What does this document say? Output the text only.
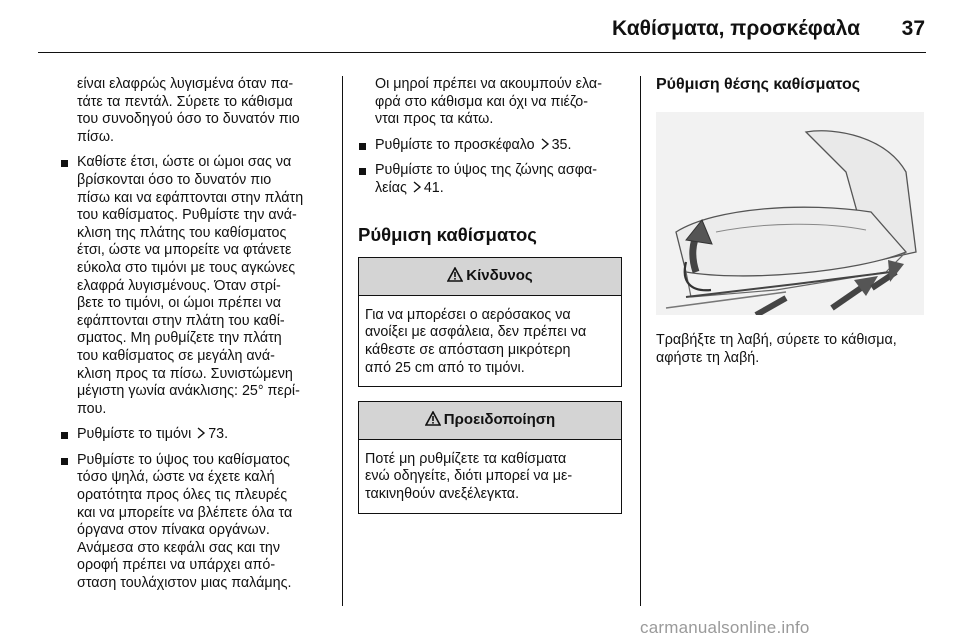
Καθίσματα, προσκέφαλα	37

είναι ελαφρώς λυγισμένα όταν πα-

τάτε τα πεντάλ. Σύρετε το κάθισμα

του συνοδηγού όσο το δυνατόν πιο

πίσω.

Καθίστε έτσι, ώστε οι ώμοι σας να

βρίσκονται όσο το δυνατόν πιο

πίσω και να εφάπτονται στην πλάτη

του καθίσματος. Ρυθμίστε την ανά-

κλιση της πλάτης του καθίσματος

έτσι, ώστε να μπορείτε να φτάνετε

εύκολα στο τιμόνι με τους αγκώνες

ελαφρά λυγισμένους. Όταν στρί-

βετε το τιμόνι, οι ώμοι πρέπει να

εφάπτονται στην πλάτη του καθί-

σματος. Μη ρυθμίζετε την πλάτη

του καθίσματος σε μεγάλη ανά-

κλιση προς τα πίσω. Συνιστώμενη

μέγιστη γωνία ανάκλισης: 25° περί-

που.

Ρυθμίστε το τιμόνι 73.

Ρυθμίστε το ύψος του καθίσματος

τόσο ψηλά, ώστε να έχετε καλή

ορατότητα προς όλες τις πλευρές

και να μπορείτε να βλέπετε όλα τα

όργανα στον πίνακα οργάνων.

Ανάμεσα στο κεφάλι σας και την

οροφή πρέπει να υπάρχει από-

σταση τουλάχιστον μιας παλάμης.

Οι μηροί πρέπει να ακουμπούν ελα-

φρά στο κάθισμα και όχι να πιέζο-

νται προς τα κάτω.

Ρυθμίστε το προσκέφαλο 35.

Ρυθμίστε το ύψος της ζώνης ασφα-

λείας 41.

Ρύθμιση καθίσματος

Κίνδυνος

Για να μπορέσει ο αερόσακος να

ανοίξει με ασφάλεια, δεν πρέπει να

κάθεστε σε απόσταση μικρότερη

από 25 cm από το τιμόνι.

Προειδοποίηση

Ποτέ μη ρυθμίζετε τα καθίσματα

ενώ οδηγείτε, διότι μπορεί να με-

τακινηθούν ανεξέλεγκτα.

Ρύθμιση θέσης καθίσματος

Τραβήξτε τη λαβή, σύρετε το κάθισμα,

αφήστε τη λαβή.

carmanualsonline.info
